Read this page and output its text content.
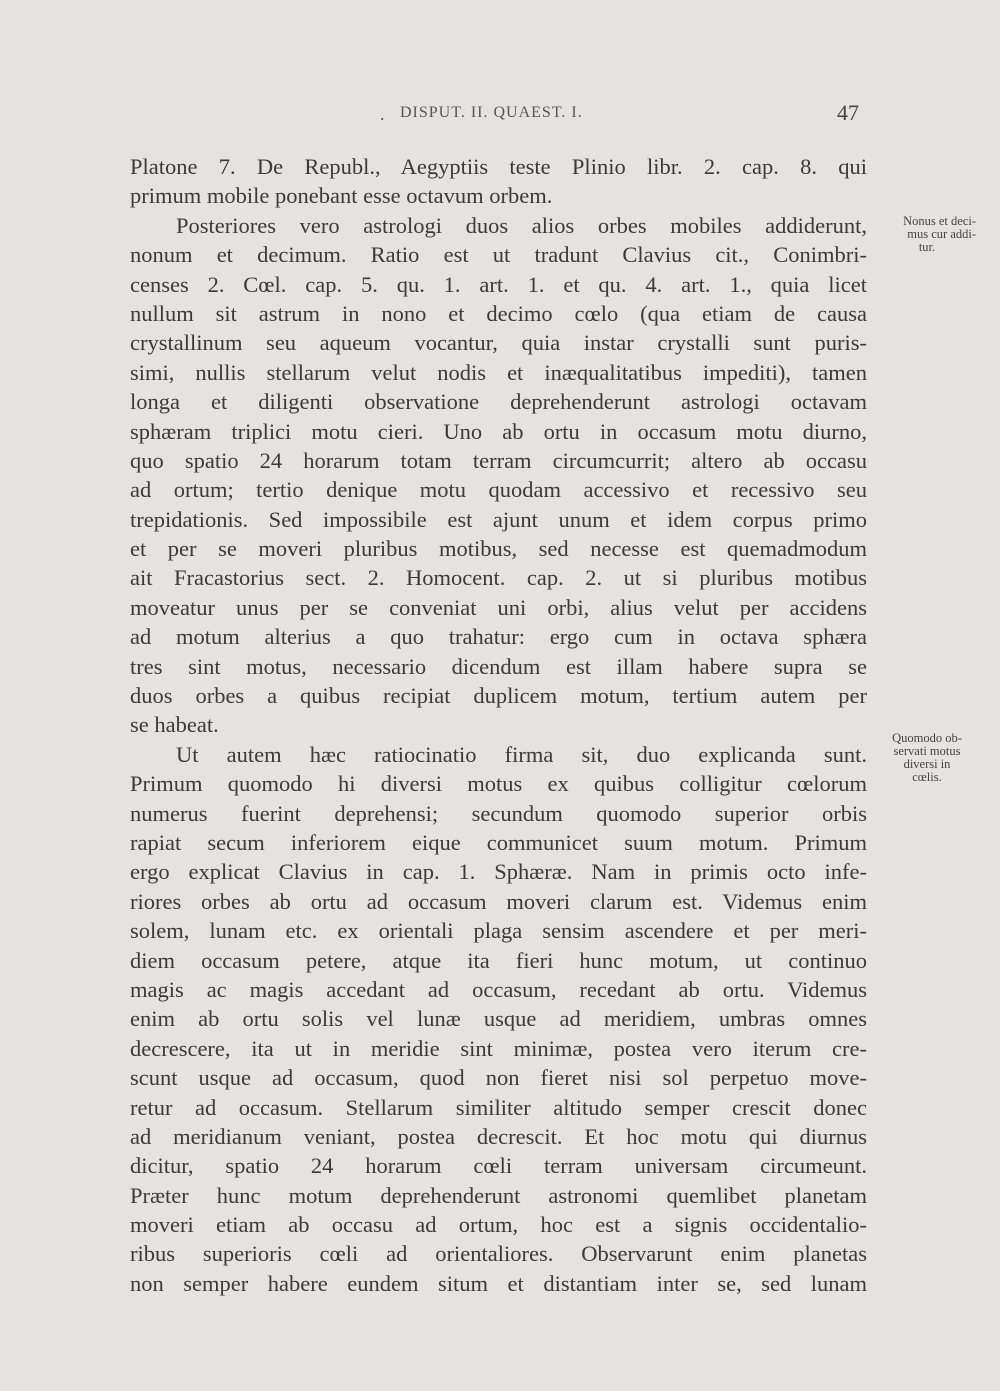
. DISPUT. II. QUAEST. I.	47
Platone 7. De Republ., Aegyptiis teste Plinio libr. 2. cap. 8. qui
primum mobile ponebant esse octavum orbem.
Posteriores vero astrologi duos alios orbes mobiles addiderunt,
nonum et decimum. Ratio est ut tradunt Clavius cit., Conimbri-
censes 2. Cœl. cap. 5. qu. 1. art. 1. et qu. 4. art. 1., quia licet
nullum sit astrum in nono et decimo cœlo (qua etiam de causa
crystallinum seu aqueum vocantur, quia instar crystalli sunt puris-
simi, nullis stellarum velut nodis et inæqualitatibus impediti), tamen
longa et diligenti observatione deprehenderunt astrologi octavam
sphæram triplici motu cieri. Uno ab ortu in occasum motu diurno,
quo spatio 24 horarum totam terram circumcurrit; altero ab occasu
ad ortum; tertio denique motu quodam accessivo et recessivo seu
trepidationis. Sed impossibile est ajunt unum et idem corpus primo
et per se moveri pluribus motibus, sed necesse est quemadmodum
ait Fracastorius sect. 2. Homocent. cap. 2. ut si pluribus motibus
moveatur unus per se conveniat uni orbi, alius velut per accidens
ad motum alterius a quo trahatur: ergo cum in octava sphæra
tres sint motus, necessario dicendum est illam habere supra se
duos orbes a quibus recipiat duplicem motum, tertium autem per
se habeat.
Ut autem hæc ratiocinatio firma sit, duo explicanda sunt.
Primum quomodo hi diversi motus ex quibus colligitur cœlorum
numerus fuerint deprehensi; secundum quomodo superior orbis
rapiat secum inferiorem eique communicet suum motum. Primum
ergo explicat Clavius in cap. 1. Sphæræ. Nam in primis octo infe-
riores orbes ab ortu ad occasum moveri clarum est. Videmus enim
solem, lunam etc. ex orientali plaga sensim ascendere et per meri-
diem occasum petere, atque ita fieri hunc motum, ut continuo
magis ac magis accedant ad occasum, recedant ab ortu. Videmus
enim ab ortu solis vel lunæ usque ad meridiem, umbras omnes
decrescere, ita ut in meridie sint minimæ, postea vero iterum cre-
scunt usque ad occasum, quod non fieret nisi sol perpetuo move-
retur ad occasum. Stellarum similiter altitudo semper crescit donec
ad meridianum veniant, postea decrescit. Et hoc motu qui diurnus
dicitur, spatio 24 horarum cœli terram universam circumeunt.
Præter hunc motum deprehenderunt astronomi quemlibet planetam
moveri etiam ab occasu ad ortum, hoc est a signis occidentalio-
ribus superioris cœli ad orientaliores. Observarunt enim planetas
non semper habere eundem situm et distantiam inter se, sed lunam
Nonus et deci-
mus cur addi-
tur.
Quomodo ob-
servati motus
diversi in
cœlis.
